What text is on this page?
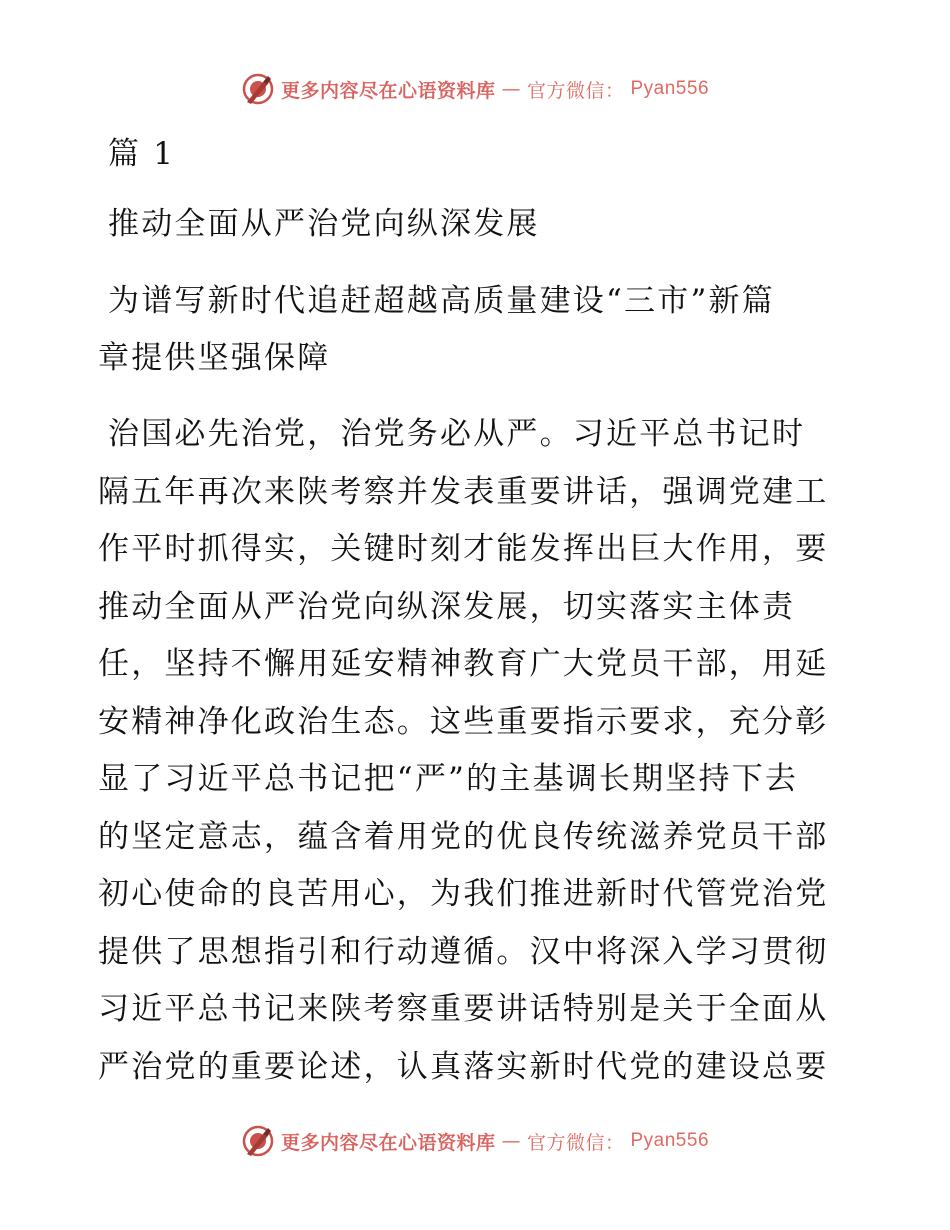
更多内容尽在心语资料库 — 官方微信： Pyan556

篇 1

推动全面从严治党向纵深发展

为谱写新时代追赶超越高质量建设“三市”新篇

章提供坚强保障

治国必先治党，治党务必从严。习近平总书记时

隔五年再次来陕考察并发表重要讲话，强调党建工

作平时抓得实，关键时刻才能发挥出巨大作用，要

推动全面从严治党向纵深发展，切实落实主体责

任，坚持不懈用延安精神教育广大党员干部，用延

安精神净化政治生态。这些重要指示要求，充分彰

显了习近平总书记把“严”的主基调长期坚持下去

的坚定意志，蕴含着用党的优良传统滋养党员干部

初心使命的良苦用心，为我们推进新时代管党治党

提供了思想指引和行动遵循。汉中将深入学习贯彻

习近平总书记来陕考察重要讲话特别是关于全面从

严治党的重要论述，认真落实新时代党的建设总要

更多内容尽在心语资料库 — 官方微信： Pyan556
